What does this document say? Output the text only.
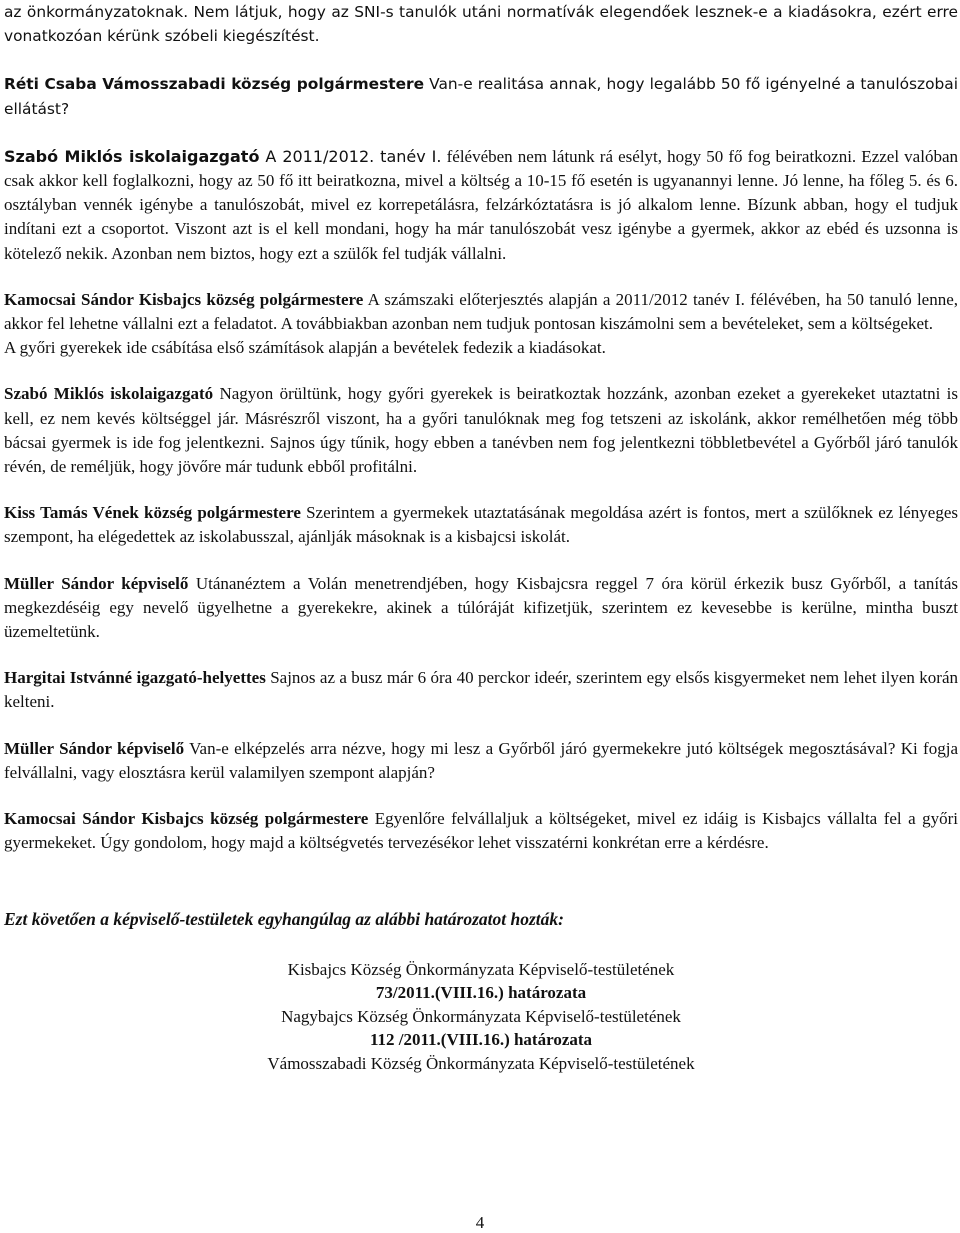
az önkormányzatoknak. Nem látjuk, hogy az SNI-s tanulók utáni normatívák elegendőek lesznek-e a kiadásokra, ezért erre vonatkozóan kérünk szóbeli kiegészítést.

Réti Csaba Vámosszabadi község polgármestere Van-e realitása annak, hogy legalább 50 fő igényelné a tanulószobai ellátást?

Szabó Miklós iskolaigazgató A 2011/2012. tanév I. félévében nem látunk rá esélyt, hogy 50 fő fog beiratkozni. Ezzel valóban csak akkor kell foglalkozni, hogy az 50 fő itt beiratkozna, mivel a költség a 10-15 fő esetén is ugyanannyi lenne. Jó lenne, ha főleg 5. és 6. osztályban vennék igénybe a tanulószobát, mivel ez korrepetálásra, felzárkóztatásra is jó alkalom lenne. Bízunk abban, hogy el tudjuk indítani ezt a csoportot. Viszont azt is el kell mondani, hogy ha már tanulószobát vesz igénybe a gyermek, akkor az ebéd és uzsonna is kötelező nekik. Azonban nem biztos, hogy ezt a szülők fel tudják vállalni.

Kamocsai Sándor Kisbajcs község polgármestere A számszaki előterjesztés alapján a 2011/2012 tanév I. félévében, ha 50 tanuló lenne, akkor fel lehetne vállalni ezt a feladatot. A továbbiakban azonban nem tudjuk pontosan kiszámolni sem a bevételeket, sem a költségeket.
A győri gyerekek ide csábítása első számítások alapján a bevételek fedezik a kiadásokat.

Szabó Miklós iskolaigazgató Nagyon örültünk, hogy győri gyerekek is beiratkoztak hozzánk, azonban ezeket a gyerekeket utaztatni is kell, ez nem kevés költséggel jár. Másrészről viszont, ha a győri tanulóknak meg fog tetszeni az iskolánk, akkor remélhetően még több bácsai gyermek is ide fog jelentkezni. Sajnos úgy tűnik, hogy ebben a tanévben nem fog jelentkezni többletbevétel a Győrből járó tanulók révén, de reméljük, hogy jövőre már tudunk ebből profitálni.

Kiss Tamás Vének község polgármestere Szerintem a gyermekek utaztatásának megoldása azért is fontos, mert a szülőknek ez lényeges szempont, ha elégedettek az iskolabusszal, ajánlják másoknak is a kisbajcsi iskolát.

Müller Sándor képviselő Utánanéztem a Volán menetrendjében, hogy Kisbajcsra reggel 7 óra körül érkezik busz Győrből, a tanítás megkezdéséig egy nevelő ügyelhetne a gyerekekre, akinek a túlóráját kifizetjük, szerintem ez kevesebbe is kerülne, mintha buszt üzemeltetünk.

Hargitai Istvánné igazgató-helyettes Sajnos az a busz már 6 óra 40 perckor ideér, szerintem egy elsős kisgyermeket nem lehet ilyen korán kelteni.

Müller Sándor képviselő Van-e elképzelés arra nézve, hogy mi lesz a Győrből járó gyermekekre jutó költségek megosztásával? Ki fogja felvállalni, vagy elosztásra kerül valamilyen szempont alapján?

Kamocsai Sándor Kisbajcs község polgármestere Egyenlőre felvállaljuk a költségeket, mivel ez idáig is Kisbajcs vállalta fel a győri gyermekeket. Úgy gondolom, hogy majd a költségvetés tervezésékor lehet visszatérni konkrétan erre a kérdésre.

Ezt követően a képviselő-testületek egyhangúlag az alábbi határozatot hozták:

Kisbajcs Község Önkormányzata Képviselő-testületének
73/2011.(VIII.16.) határozata
Nagybajcs Község Önkormányzata Képviselő-testületének
112 /2011.(VIII.16.) határozata
Vámosszabadi Község Önkormányzata Képviselő-testületének
4
